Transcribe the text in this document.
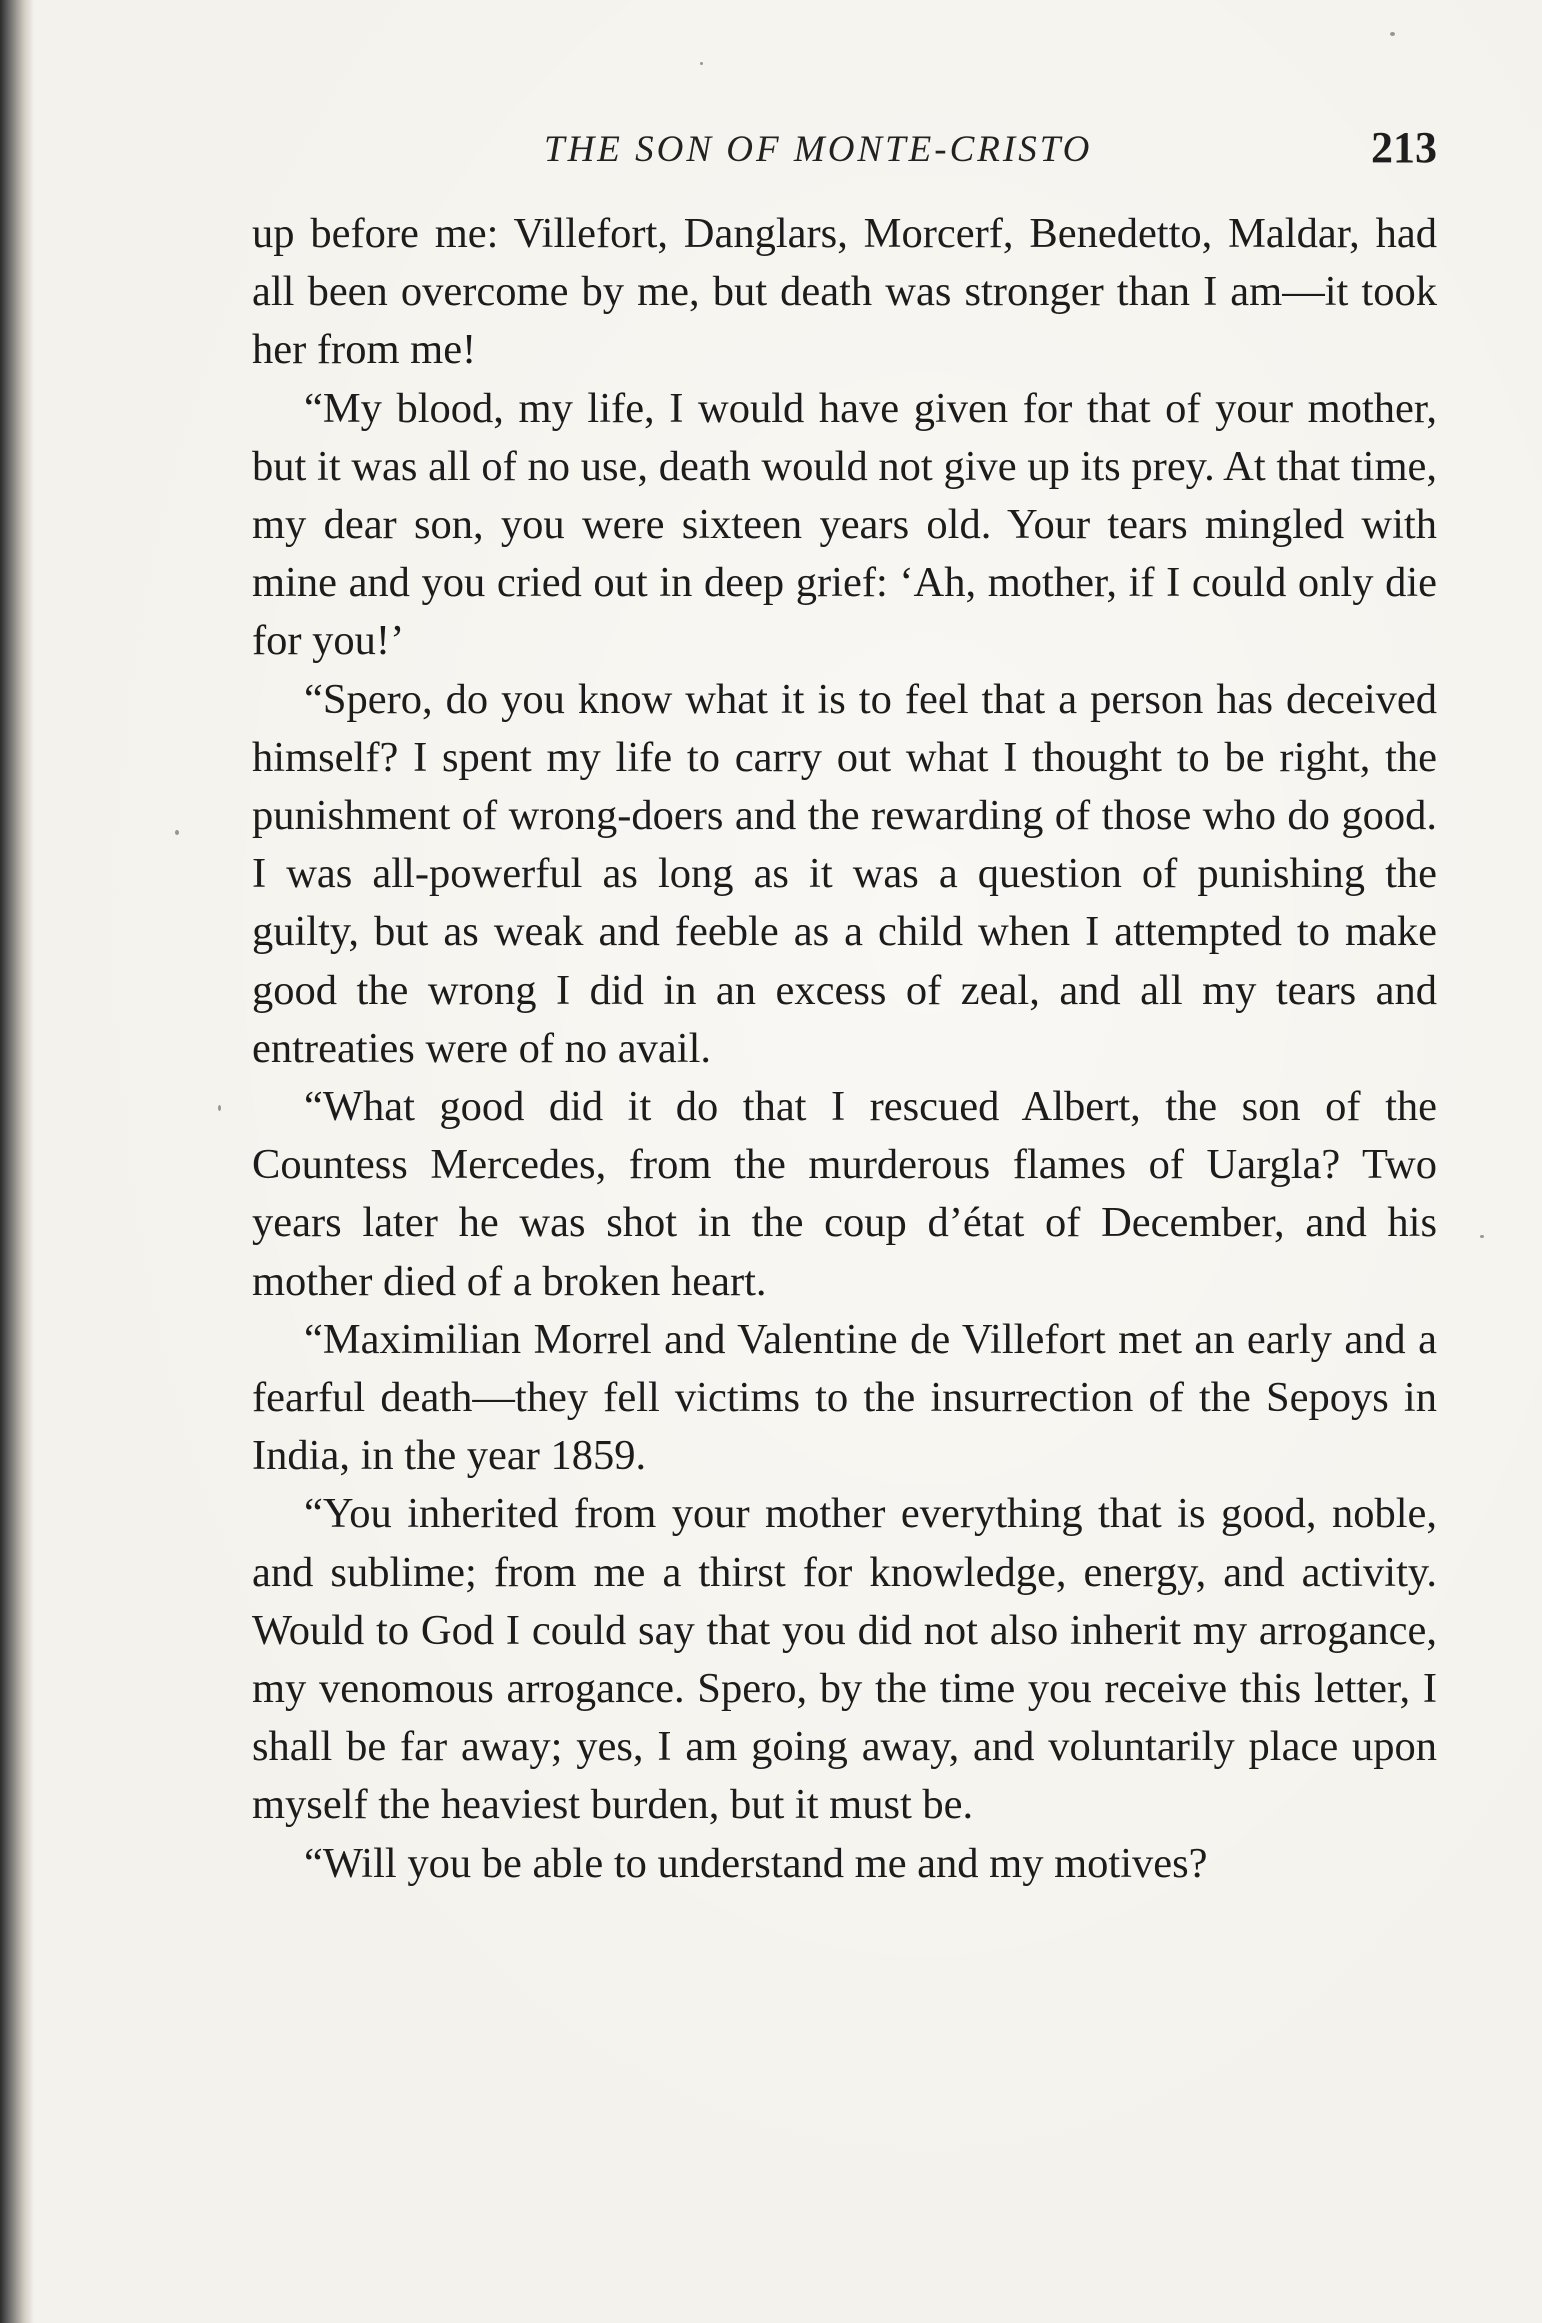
THE SON OF MONTE-CRISTO	213

up before me: Villefort, Danglars, Morcerf, Benedetto, Maldar, had all been overcome by me, but death was stronger than I am—it took her from me!

“My blood, my life, I would have given for that of your mother, but it was all of no use, death would not give up its prey. At that time, my dear son, you were sixteen years old. Your tears mingled with mine and you cried out in deep grief: ‘Ah, mother, if I could only die for you!’

“Spero, do you know what it is to feel that a person has deceived himself? I spent my life to carry out what I thought to be right, the punishment of wrong-doers and the rewarding of those who do good. I was all-powerful as long as it was a question of punishing the guilty, but as weak and feeble as a child when I attempted to make good the wrong I did in an excess of zeal, and all my tears and entreaties were of no avail.

“What good did it do that I rescued Albert, the son of the Countess Mercedes, from the murderous flames of Uargla? Two years later he was shot in the coup d’état of December, and his mother died of a broken heart.

“Maximilian Morrel and Valentine de Villefort met an early and a fearful death—they fell victims to the insurrection of the Sepoys in India, in the year 1859.

“You inherited from your mother everything that is good, noble, and sublime; from me a thirst for knowledge, energy, and activity. Would to God I could say that you did not also inherit my arrogance, my venomous arrogance. Spero, by the time you receive this letter, I shall be far away; yes, I am going away, and voluntarily place upon myself the heaviest burden, but it must be.

“Will you be able to understand me and my motives?
